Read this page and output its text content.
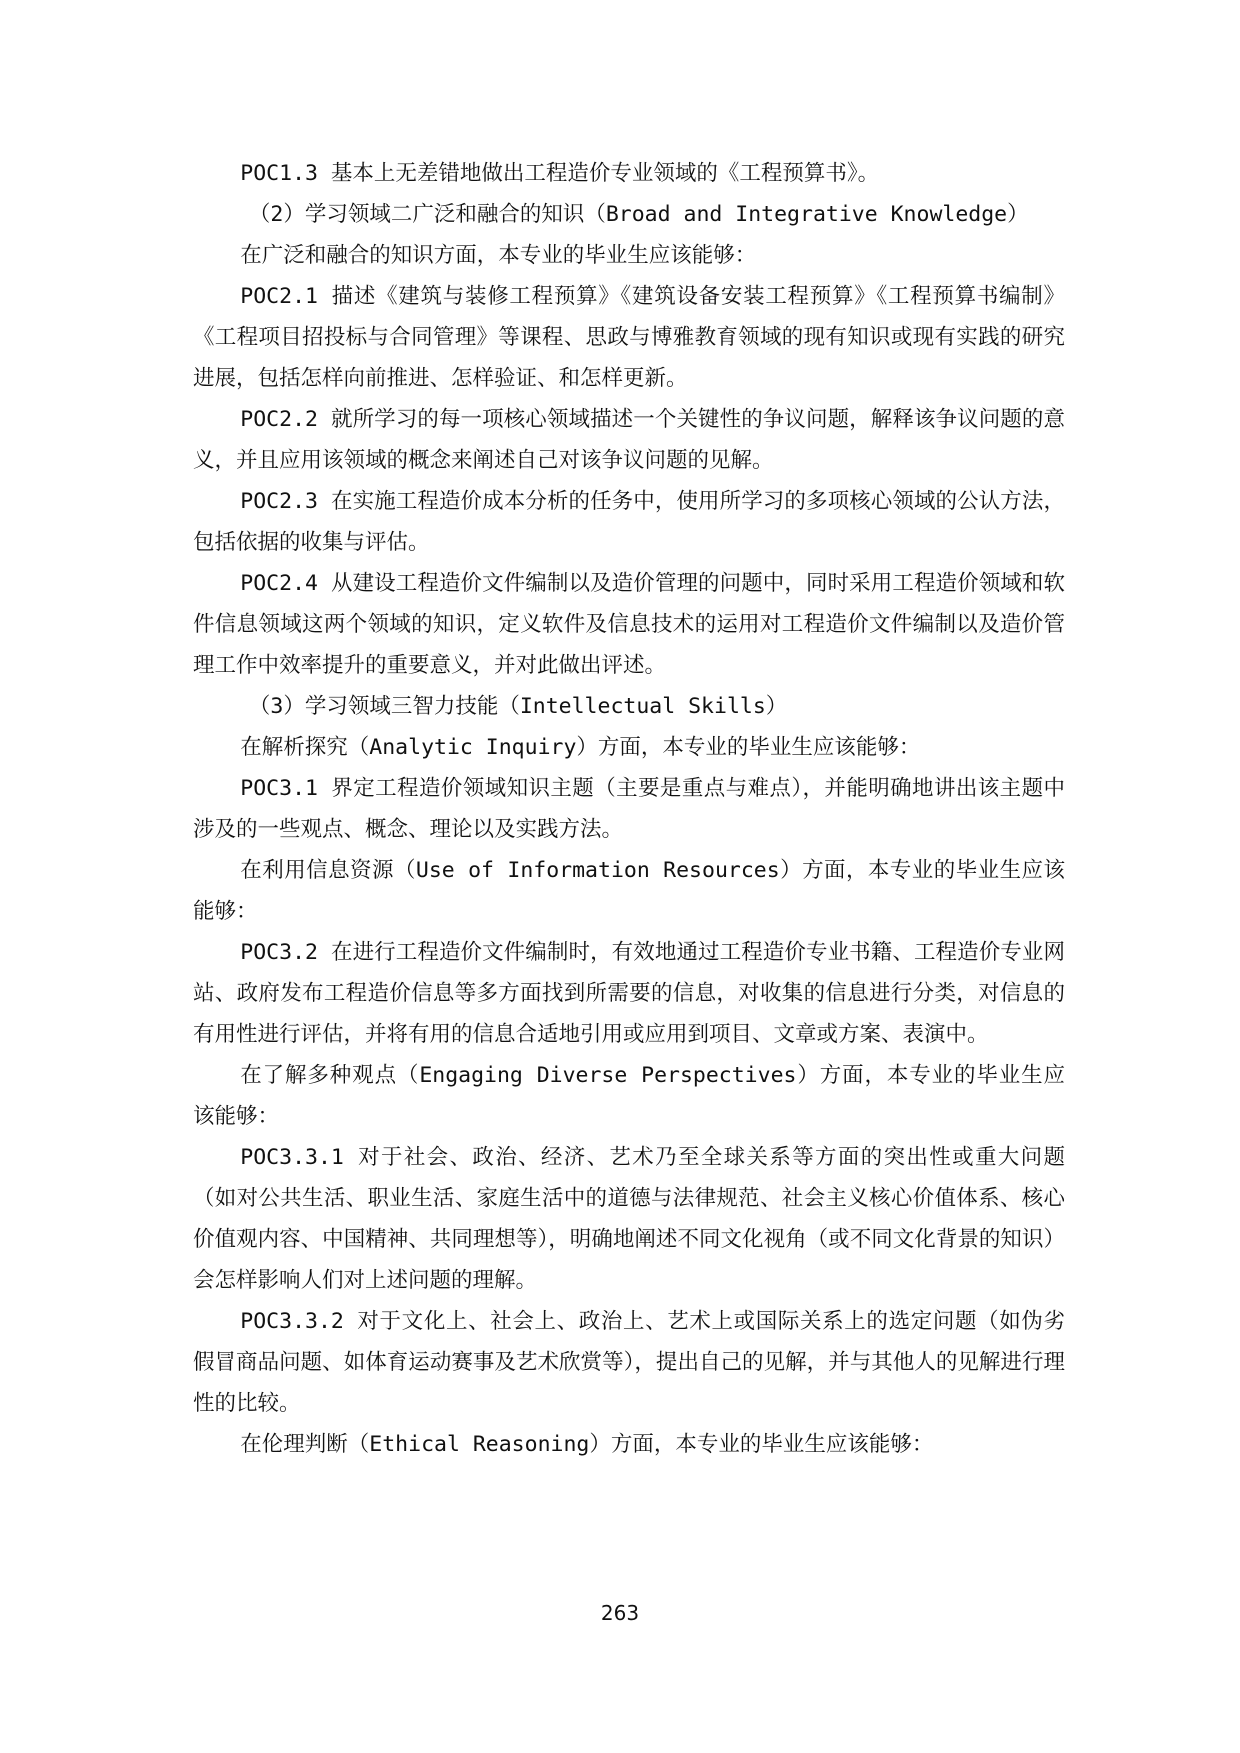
POC1.3 基本上无差错地做出工程造价专业领域的《工程预算书》。

（2）学习领域二广泛和融合的知识（Broad and Integrative Knowledge）

在广泛和融合的知识方面，本专业的毕业生应该能够：

POC2.1 描述《建筑与装修工程预算》《建筑设备安装工程预算》《工程预算书编制》《工程项目招投标与合同管理》等课程、思政与博雅教育领域的现有知识或现有实践的研究进展，包括怎样向前推进、怎样验证、和怎样更新。

POC2.2 就所学习的每一项核心领域描述一个关键性的争议问题，解释该争议问题的意义，并且应用该领域的概念来阐述自己对该争议问题的见解。

POC2.3 在实施工程造价成本分析的任务中，使用所学习的多项核心领域的公认方法，包括依据的收集与评估。

POC2.4 从建设工程造价文件编制以及造价管理的问题中，同时采用工程造价领域和软件信息领域这两个领域的知识，定义软件及信息技术的运用对工程造价文件编制以及造价管理工作中效率提升的重要意义，并对此做出评述。

（3）学习领域三智力技能（Intellectual Skills）

在解析探究（Analytic Inquiry）方面，本专业的毕业生应该能够：

POC3.1 界定工程造价领域知识主题（主要是重点与难点），并能明确地讲出该主题中涉及的一些观点、概念、理论以及实践方法。

在利用信息资源（Use of Information Resources）方面，本专业的毕业生应该能够：

POC3.2 在进行工程造价文件编制时，有效地通过工程造价专业书籍、工程造价专业网站、政府发布工程造价信息等多方面找到所需要的信息，对收集的信息进行分类，对信息的有用性进行评估，并将有用的信息合适地引用或应用到项目、文章或方案、表演中。

在了解多种观点（Engaging Diverse Perspectives）方面，本专业的毕业生应该能够：

POC3.3.1 对于社会、政治、经济、艺术乃至全球关系等方面的突出性或重大问题（如对公共生活、职业生活、家庭生活中的道德与法律规范、社会主义核心价值体系、核心价值观内容、中国精神、共同理想等），明确地阐述不同文化视角（或不同文化背景的知识）会怎样影响人们对上述问题的理解。

POC3.3.2 对于文化上、社会上、政治上、艺术上或国际关系上的选定问题（如伪劣假冒商品问题、如体育运动赛事及艺术欣赏等），提出自己的见解，并与其他人的见解进行理性的比较。

在伦理判断（Ethical Reasoning）方面，本专业的毕业生应该能够：

263
